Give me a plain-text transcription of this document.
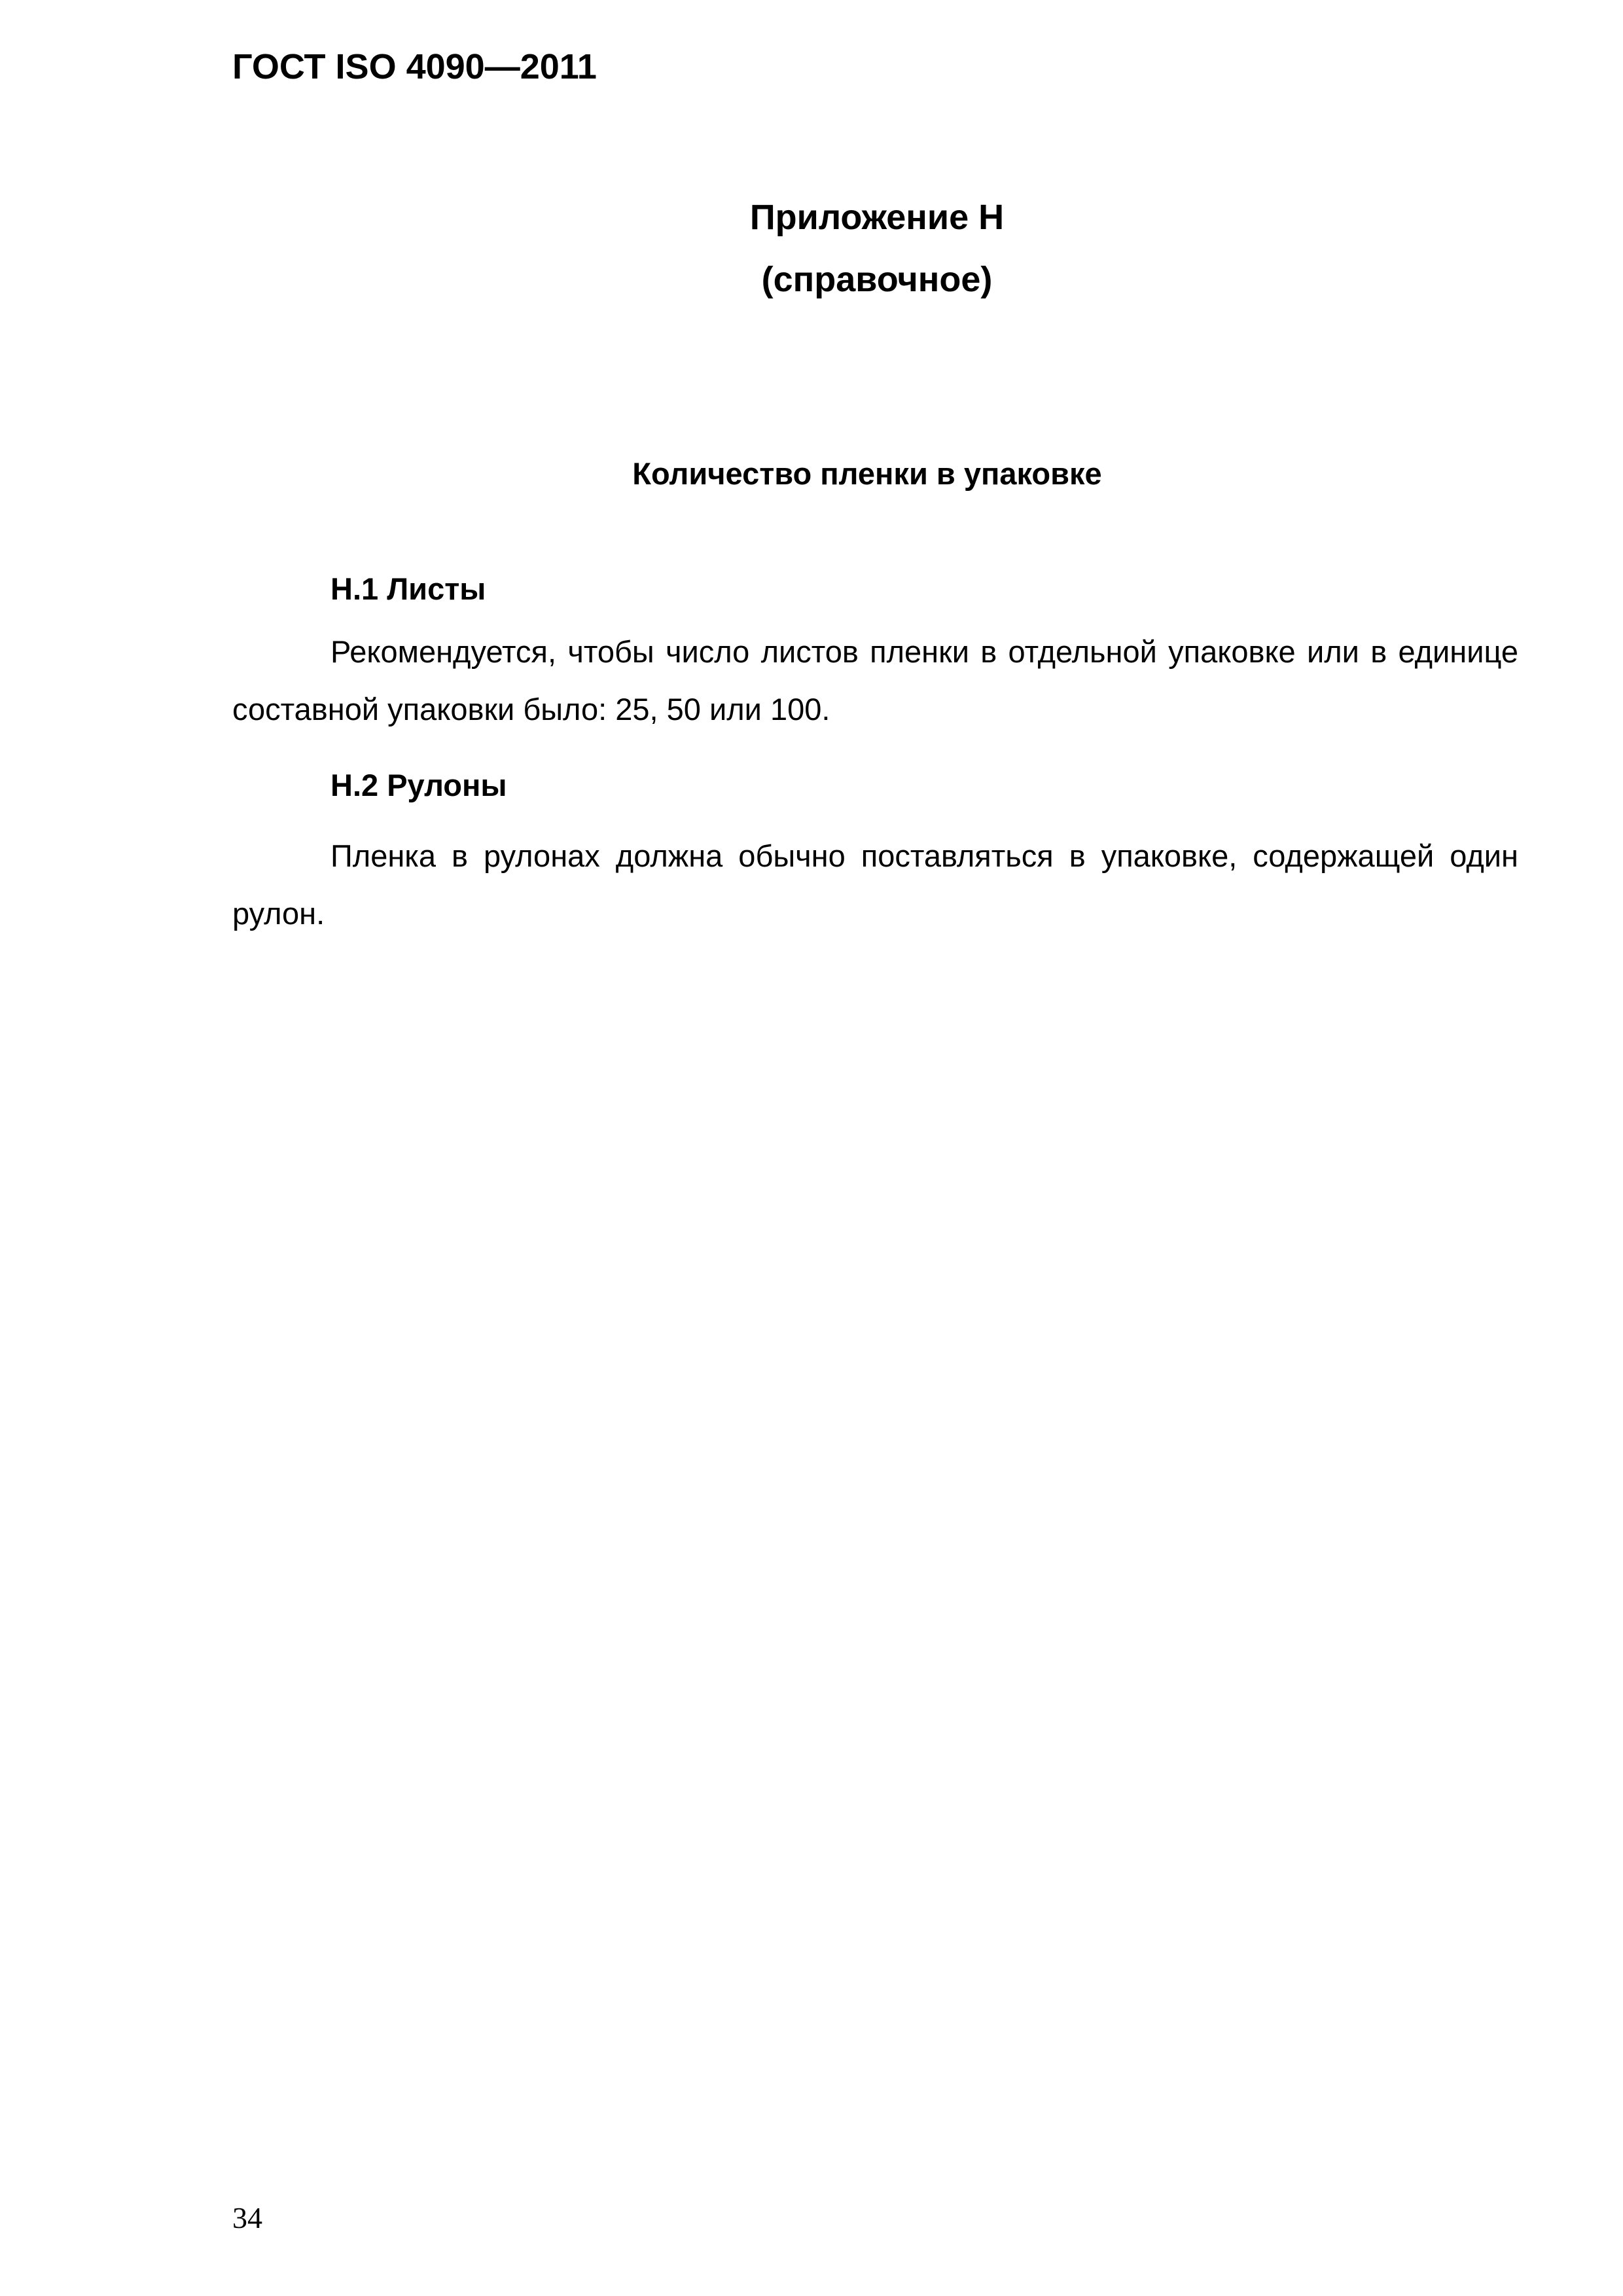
ГОСТ ISO 4090—2011
Приложение Н
(справочное)
Количество пленки в упаковке
Н.1 Листы
Рекомендуется, чтобы число листов пленки в отдельной упаковке или в единице составной упаковки было: 25, 50 или 100.
Н.2 Рулоны
Пленка в рулонах должна обычно поставляться в упаковке, содержащей один рулон.
34
